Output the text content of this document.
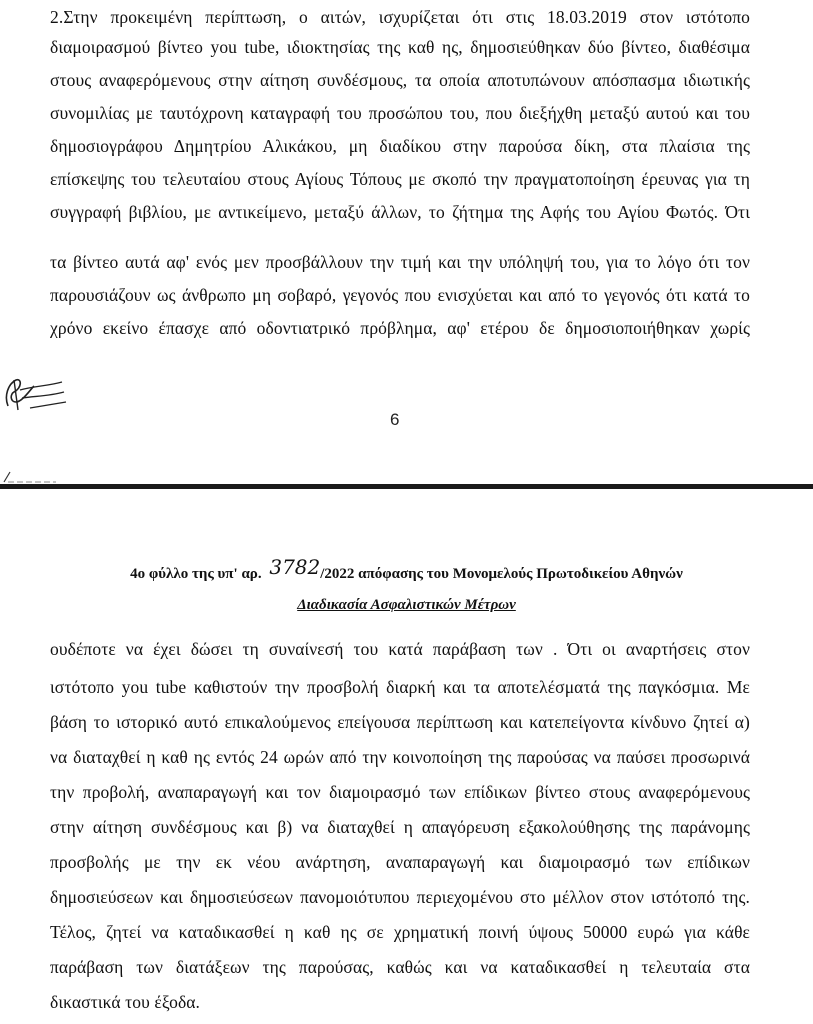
2.Στην προκειμένη περίπτωση, ο αιτών, ισχυρίζεται ότι στις 18.03.2019 στον ιστότοπο
διαμοιρασμού βίντεο you tube, ιδιοκτησίας της καθ ης, δημοσιεύθηκαν δύο βίντεο, διαθέσιμα
στους αναφερόμενους στην αίτηση συνδέσμους, τα οποία αποτυπώνουν απόσπασμα ιδιωτικής
συνομιλίας με ταυτόχρονη καταγραφή του προσώπου του, που διεξήχθη μεταξύ αυτού και του
δημοσιογράφου Δημητρίου Αλικάκου, μη διαδίκου στην παρούσα δίκη, στα πλαίσια της
επίσκεψης του τελευταίου στους Αγίους Τόπους με σκοπό την πραγματοποίηση έρευνας για τη
συγγραφή βιβλίου, με αντικείμενο, μεταξύ άλλων, το ζήτημα της Αφής του Αγίου Φωτός. Ότι
τα βίντεο αυτά αφ' ενός μεν προσβάλλουν την τιμή και την υπόληψή του, για το λόγο ότι τον
παρουσιάζουν ως άνθρωπο μη σοβαρό, γεγονός που ενισχύεται και από το γεγονός ότι κατά το
χρόνο εκείνο έπασχε από οδοντιατρικό πρόβλημα, αφ' ετέρου δε δημοσιοποιήθηκαν χωρίς
6
4ο φύλλο της υπ' αρ. 3782/2022 απόφασης του Μονομελούς Πρωτοδικείου Αθηνών
Διαδικασία Ασφαλιστικών Μέτρων
ουδέποτε να έχει δώσει τη συναίνεσή του κατά παράβαση των . Ότι οι αναρτήσεις στον
ιστότοπο you tube καθιστούν την προσβολή διαρκή και τα αποτελέσματά της παγκόσμια. Με
βάση το ιστορικό αυτό επικαλούμενος επείγουσα περίπτωση και κατεπείγοντα κίνδυνο ζητεί α)
να διαταχθεί η καθ ης εντός 24 ωρών από την κοινοποίηση της παρούσας να παύσει προσωρινά
την προβολή, αναπαραγωγή και τον διαμοιρασμό των επίδικων βίντεο στους αναφερόμενους
στην αίτηση συνδέσμους και β) να διαταχθεί η απαγόρευση εξακολούθησης της παράνομης
προσβολής με την εκ νέου ανάρτηση, αναπαραγωγή και διαμοιρασμό των επίδικων
δημοσιεύσεων και δημοσιεύσεων πανομοιότυπου περιεχομένου στο μέλλον στον ιστότοπό της.
Τέλος, ζητεί να καταδικασθεί η καθ ης σε χρηματική ποινή ύψους 50000 ευρώ για κάθε
παράβαση των διατάξεων της παρούσας, καθώς και να καταδικασθεί η τελευταία στα
δικαστικά του έξοδα.
